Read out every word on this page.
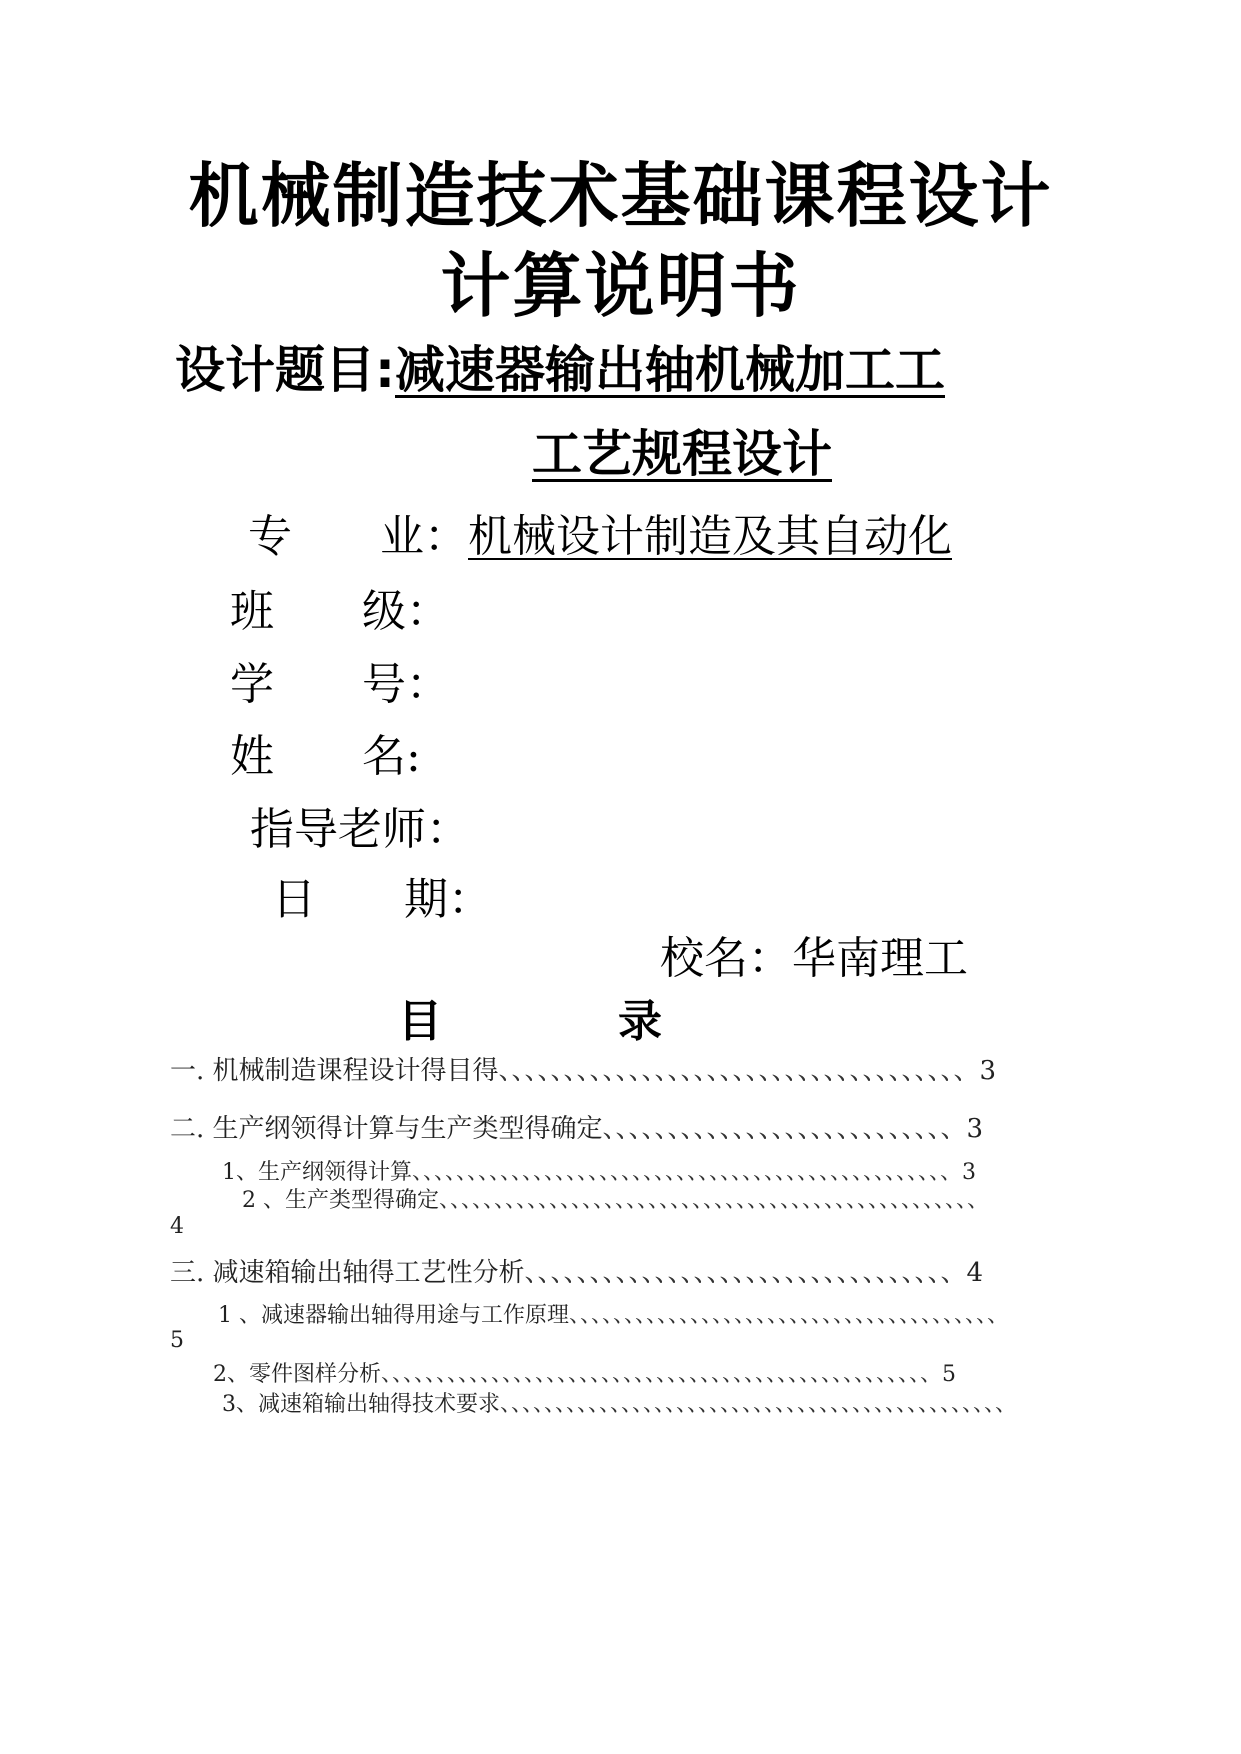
机械制造技术基础课程设计
计算说明书
设计题目:减速器输出轴机械加工工
工艺规程设计
专　　业：机械设计制造及其自动化
班　　级：
学　　号：
姓　　名:
指导老师：
日　　期：
校名：华南理工
目	录
一. 机械制造课程设计得目得、、、、、、、、、、、、、、、、、、、、、、、、、、、、、、、、、、、、3
二. 生产纲领得计算与生产类型得确定、、、、、、、、、、、、、、、、、、、、、、、、、、、3
1、生产纲领得计算、、、、、、、、、、、、、、、、、、、、、、、、、、、、、、、、、、、、、、、、、、、、、、、、、3
2 、生产类型得确定、、、、、、、、、、、、、、、、、、、、、、、、、、、、、、、、、、、、、、、、、、、、、、、、、
4
三. 减速箱输出轴得工艺性分析、、、、、、、、、、、、、、、、、、、、、、、、、、、、、、、、、4
1 、减速器输出轴得用途与工作原理、、、、、、、、、、、、、、、、、、、、、、、、、、、、、、、、、、、、、、、
5
2、零件图样分析、、、、、、、、、、、、、、、、、、、、、、、、、、、、、、、、、、、、、、、、、、、、、、、、、、5
3、减速箱输出轴得技术要求、、、、、、、、、、、、、、、、、、、、、、、、、、、、、、、、、、、、、、、、、、、、、、
